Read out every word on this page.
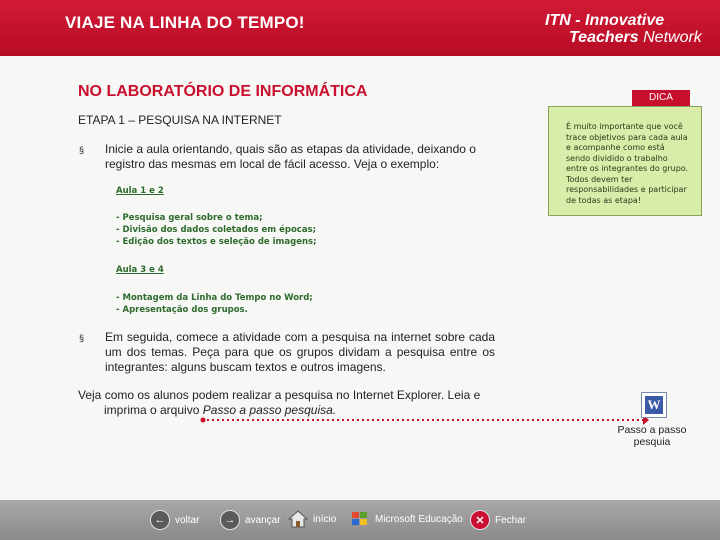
VIAJE NA LINHA DO TEMPO!	ITN - Innovative
Teachers Network
NO LABORATÓRIO DE INFORMÁTICA
ETAPA 1 – PESQUISA NA INTERNET
§ Inicie a aula orientando, quais são as etapas da atividade, deixando o registro das mesmas em local de fácil acesso. Veja o exemplo:
Aula 1 e 2
- Pesquisa geral sobre o tema;
- Divisão dos dados coletados em épocas;
- Edição dos textos e seleção de imagens;
Aula 3 e 4
- Montagem da Linha do Tempo no Word;
- Apresentação dos grupos.
§ Em seguida, comece a atividade com a pesquisa na internet sobre cada um dos temas. Peça para que os grupos dividam a pesquisa entre os integrantes: alguns buscam textos e outros imagens.
Veja como os alunos podem realizar a pesquisa no Internet Explorer. Leia e
imprima o arquivo Passo a passo pesquisa.
DICA
É muito importante que você trace objetivos para cada aula e acompanhe como está sendo dividido o trabalho entre os integrantes do grupo. Todos devem ter responsabilidades e participar de todas as etapa!
W
Passo a passo pesquia
← voltar	→ avançar	início	Microsoft Educação	✕	Fechar
